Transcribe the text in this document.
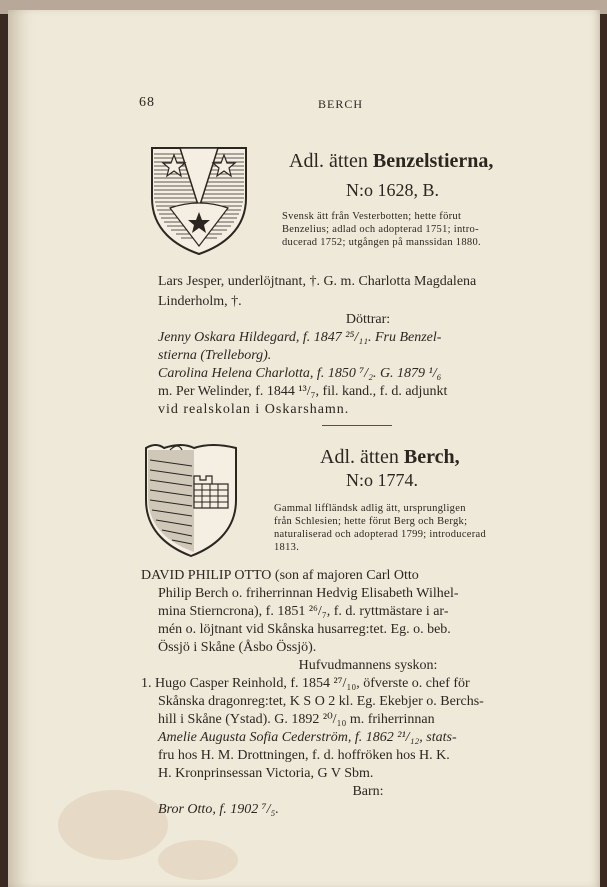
68	BERCH
Adl. ätten Benzelstierna,
N:o 1628, B.
Svensk ätt från Vesterbotten; hette förut
Benzelius; adlad och adopterad 1751; intro-
ducerad 1752; utgången på manssidan 1880.
Lars Jesper, underlöjtnant, †. G. m. Charlotta Magdalena
Linderholm, †.
Döttrar:
Jenny Oskara Hildegard, f. 1847 ²⁵/₁₁. Fru Benzel-
stierna (Trelleborg).
Carolina Helena Charlotta, f. 1850 ⁷/₂. G. 1879 ¹/₆
m. Per Welinder, f. 1844 ¹³/₇, fil. kand., f. d. adjunkt
vid realskolan i Oskarshamn.
Adl. ätten Berch,
N:o 1774.
Gammal liffländsk adlig ätt, ursprungligen
från Schlesien; hette förut Berg och Bergk;
naturaliserad och adopterad 1799; introducerad
1813.
DAVID PHILIP OTTO (son af majoren Carl Otto
Philip Berch o. friherrinnan Hedvig Elisabeth Wilhel-
mina Stierncrona), f. 1851 ²⁶/₇, f. d. ryttmästare i ar-
mén o. löjtnant vid Skånska husarreg:tet. Eg. o. beb.
Össjö i Skåne (Åsbo Össjö).
Hufvudmannens syskon:
1. Hugo Casper Reinhold, f. 1854 ²⁷/₁₀, öfverste o. chef för
Skånska dragonreg:tet, K S O 2 kl. Eg. Ekebjer o. Berchs-
hill i Skåne (Ystad). G. 1892 ²⁰/₁₀ m. friherrinnan
Amelie Augusta Sofia Cederström, f. 1862 ²¹/₁₂, stats-
fru hos H. M. Drottningen, f. d. hoffröken hos H. K.
H. Kronprinsessan Victoria, G V Sbm.
Barn:
Bror Otto, f. 1902 ⁷/₅.
